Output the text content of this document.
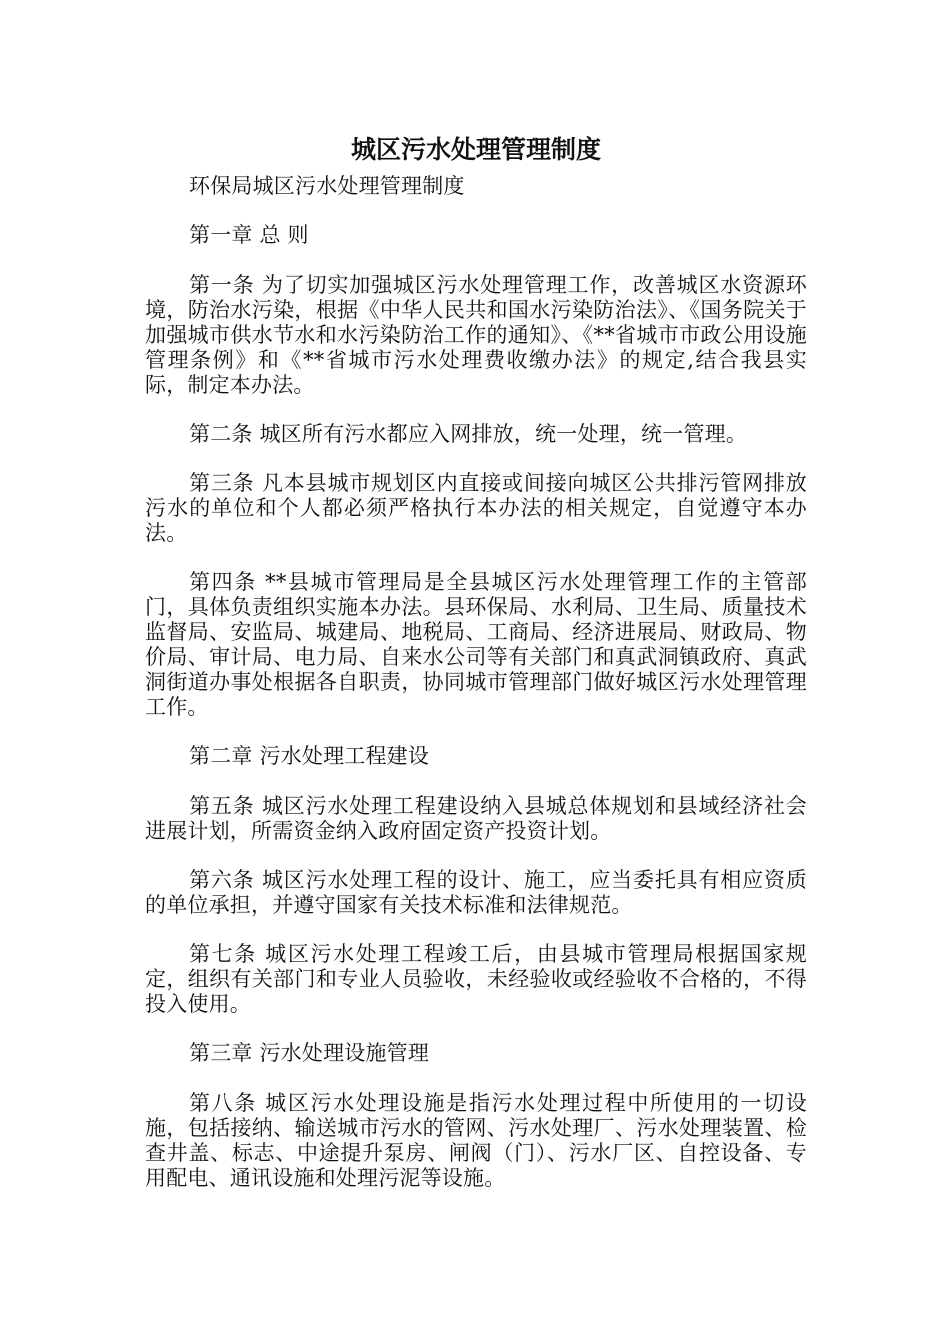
城区污水处理管理制度

环保局城区污水处理管理制度

第一章 总 则

第一条 为了切实加强城区污水处理管理工作，改善城区水资源环境，防治水污染，根据《中华人民共和国水污染防治法》、《国务院关于加强城市供水节水和水污染防治工作的通知》、《**省城市市政公用设施管理条例》和《**省城市污水处理费收缴办法》的规定,结合我县实际，制定本办法。

第二条 城区所有污水都应入网排放，统一处理，统一管理。

第三条 凡本县城市规划区内直接或间接向城区公共排污管网排放污水的单位和个人都必须严格执行本办法的相关规定，自觉遵守本办法。

第四条 **县城市管理局是全县城区污水处理管理工作的主管部门，具体负责组织实施本办法。县环保局、水利局、卫生局、质量技术监督局、安监局、城建局、地税局、工商局、经济进展局、财政局、物价局、审计局、电力局、自来水公司等有关部门和真武洞镇政府、真武洞街道办事处根据各自职责，协同城市管理部门做好城区污水处理管理工作。

第二章 污水处理工程建设

第五条 城区污水处理工程建设纳入县城总体规划和县域经济社会进展计划，所需资金纳入政府固定资产投资计划。

第六条 城区污水处理工程的设计、施工，应当委托具有相应资质的单位承担，并遵守国家有关技术标准和法律规范。

第七条 城区污水处理工程竣工后，由县城市管理局根据国家规定，组织有关部门和专业人员验收，未经验收或经验收不合格的，不得投入使用。

第三章 污水处理设施管理

第八条 城区污水处理设施是指污水处理过程中所使用的一切设施，包括接纳、输送城市污水的管网、污水处理厂、污水处理装置、检查井盖、标志、中途提升泵房、闸阀（门）、污水厂区、自控设备、专用配电、通讯设施和处理污泥等设施。
